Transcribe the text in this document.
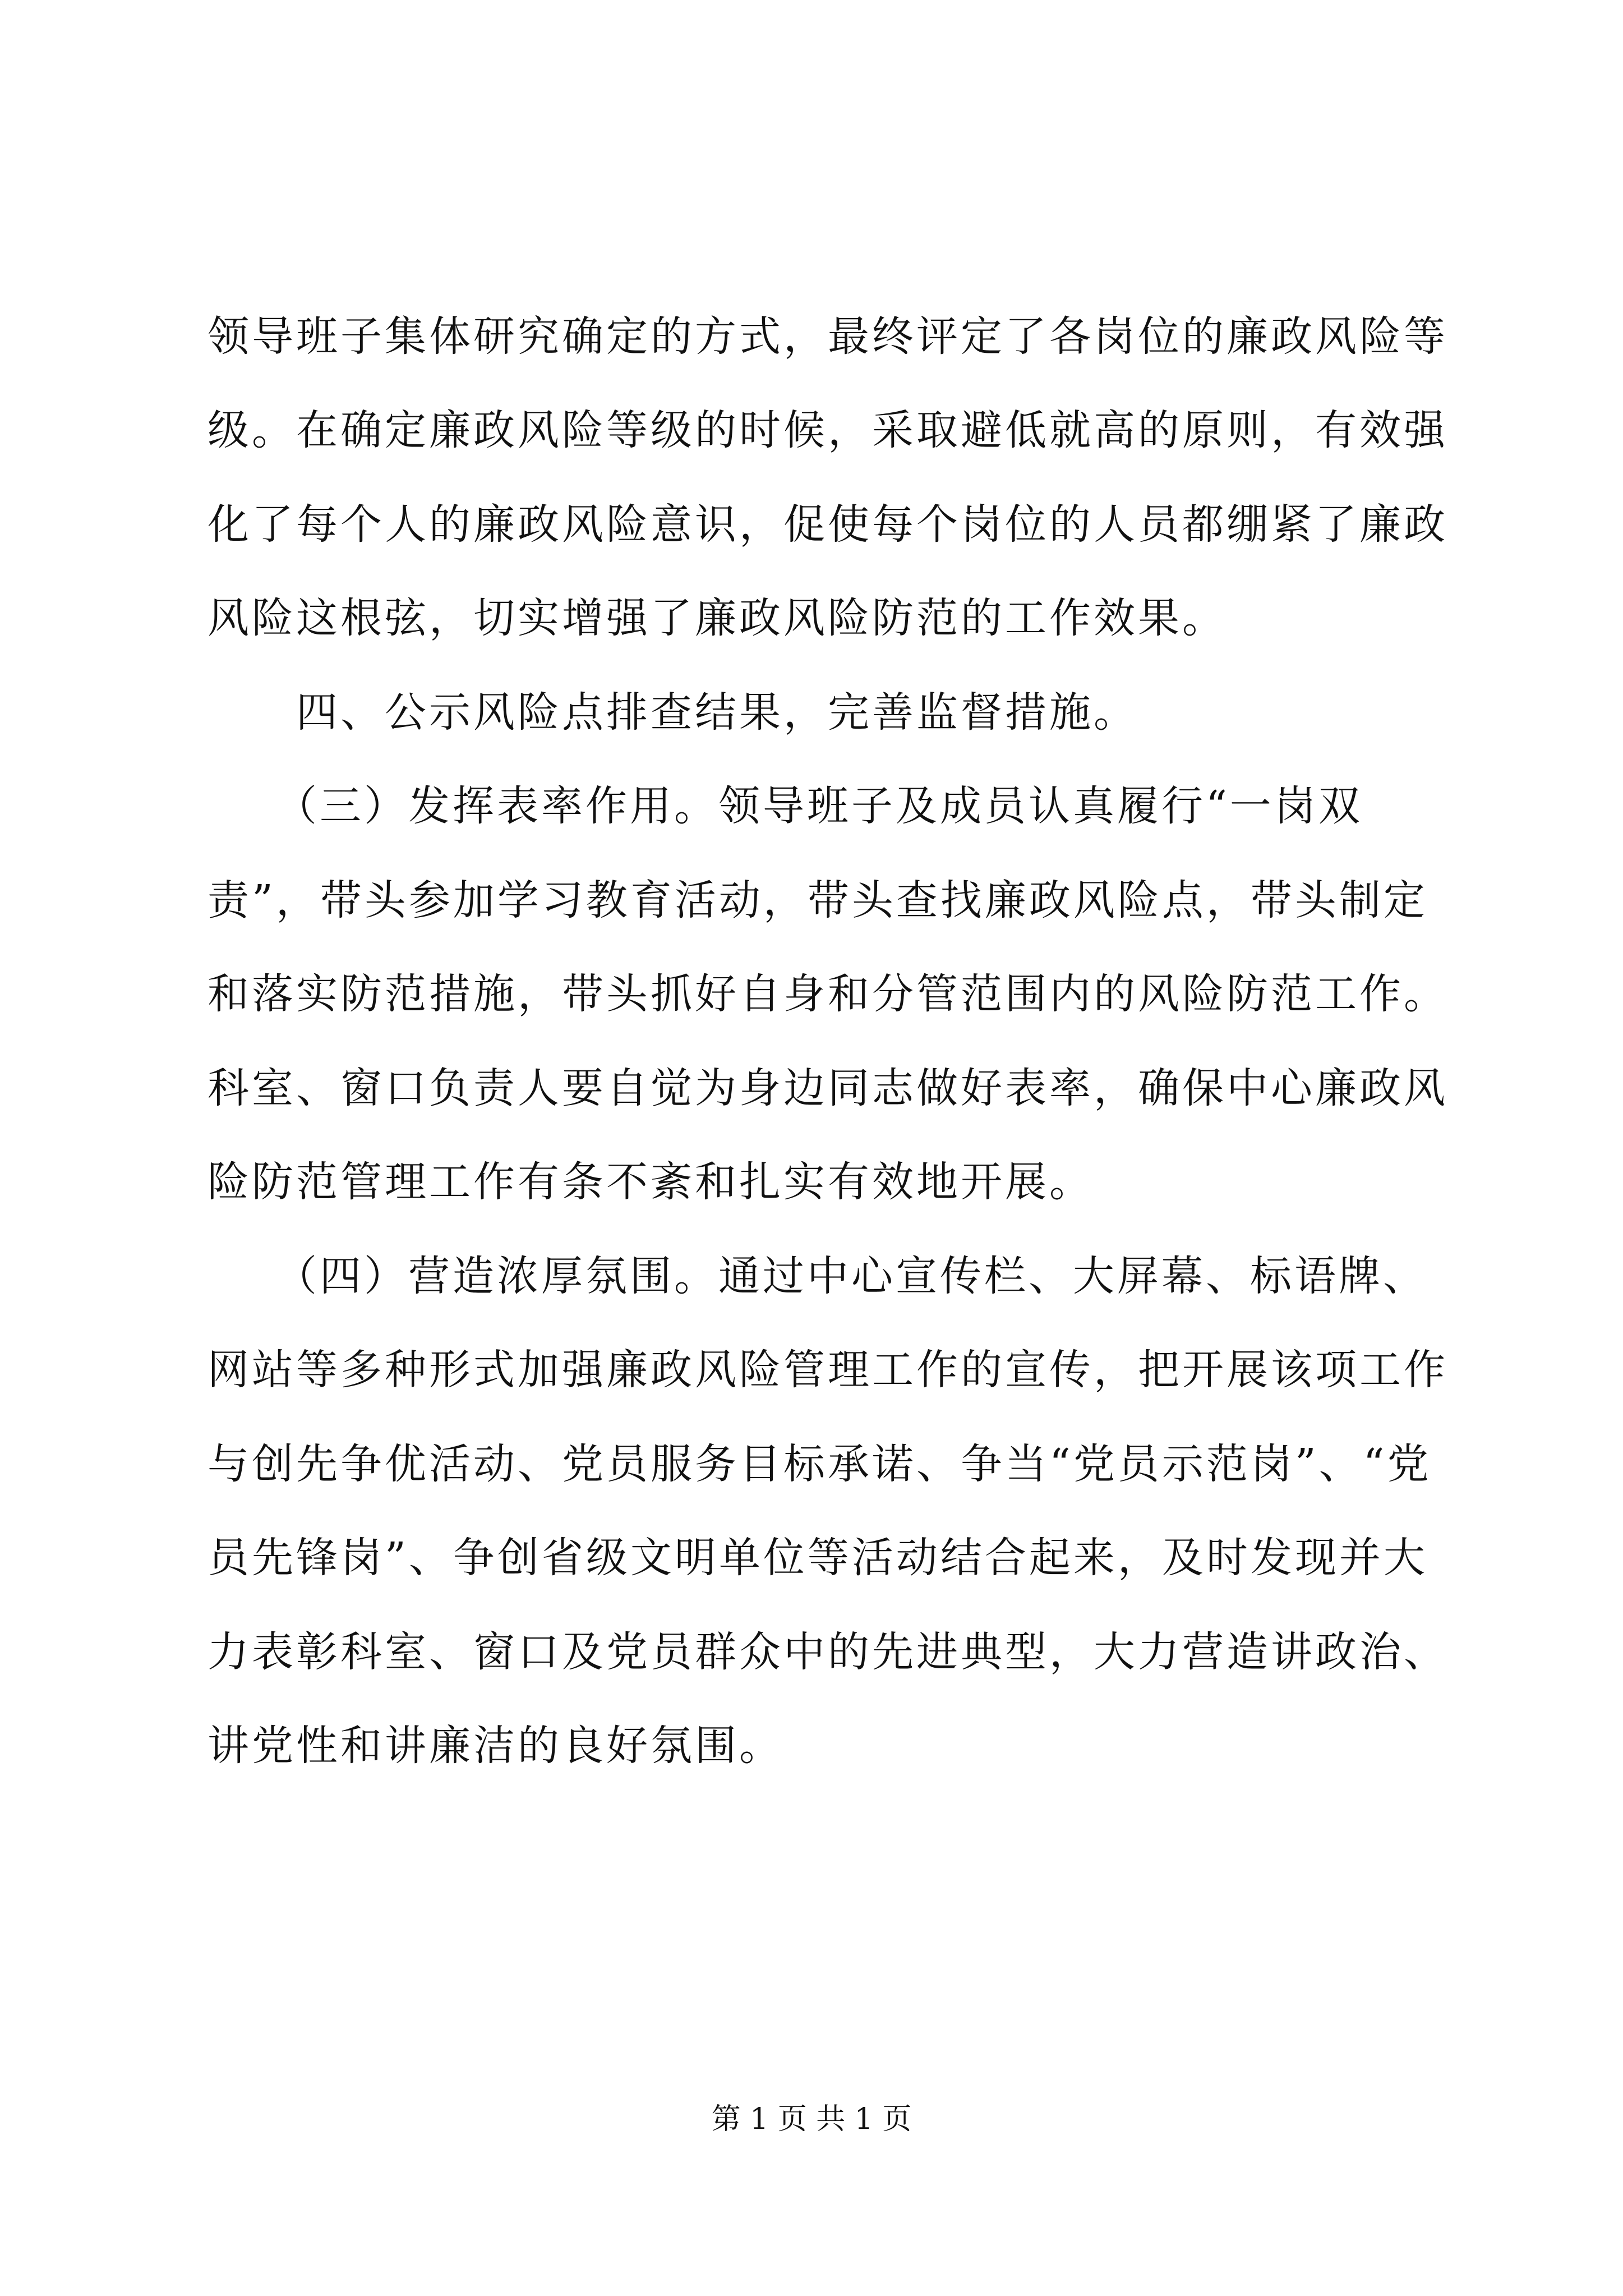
领导班子集体研究确定的方式，最终评定了各岗位的廉政风险等
级。在确定廉政风险等级的时候，采取避低就高的原则，有效强
化了每个人的廉政风险意识，促使每个岗位的人员都绷紧了廉政
风险这根弦，切实增强了廉政风险防范的工作效果。
　　四、公示风险点排查结果，完善监督措施。
　　（三）发挥表率作用。领导班子及成员认真履行“一岗双
责”，带头参加学习教育活动，带头查找廉政风险点，带头制定
和落实防范措施，带头抓好自身和分管范围内的风险防范工作。
科室、窗口负责人要自觉为身边同志做好表率，确保中心廉政风
险防范管理工作有条不紊和扎实有效地开展。
　　（四）营造浓厚氛围。通过中心宣传栏、大屏幕、标语牌、
网站等多种形式加强廉政风险管理工作的宣传，把开展该项工作
与创先争优活动、党员服务目标承诺、争当“党员示范岗”、“党
员先锋岗”、争创省级文明单位等活动结合起来，及时发现并大
力表彰科室、窗口及党员群众中的先进典型，大力营造讲政治、
讲党性和讲廉洁的良好氛围。
第 1 页 共 1 页
